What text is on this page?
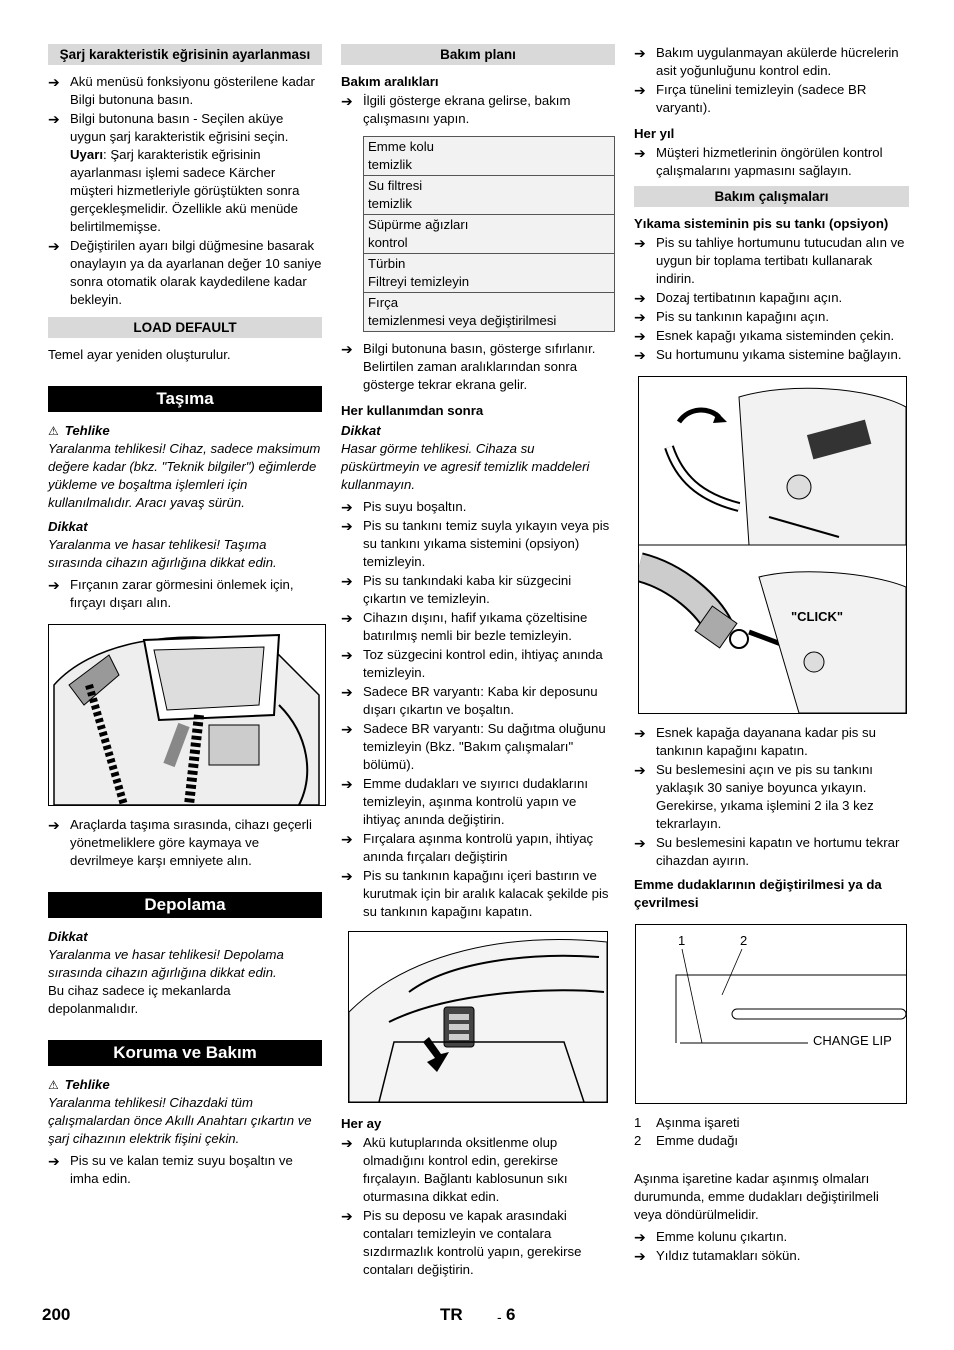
Şarj karakteristik eğrisinin ayarlanması
➔ Akü menüsü fonksiyonu gösterilene kadar Bilgi butonuna basın.
➔ Bilgi butonuna basın - Seçilen aküye uygun şarj karakteristik eğrisini seçin.
Uyarı: Şarj karakteristik eğrisinin ayarlanması işlemi sadece Kärcher müşteri hizmetleriyle görüştükten sonra gerçekleşmelidir. Özellikle akü menüde belirtilmemişse.
➔ Değiştirilen ayarı bilgi düğmesine basarak onaylayın ya da ayarlanan değer 10 saniye sonra otomatik olarak kaydedilene kadar bekleyin.
LOAD DEFAULT
Temel ayar yeniden oluşturulur.
Taşıma
⚠ Tehlike
Yaralanma tehlikesi! Cihaz, sadece maksimum değere kadar (bkz. "Teknik bilgiler") eğimlerde yükleme ve boşaltma işlemleri için kullanılmalıdır. Aracı yavaş sürün.
Dikkat
Yaralanma ve hasar tehlikesi! Taşıma sırasında cihazın ağırlığına dikkat edin.
➔ Fırçanın zarar görmesini önlemek için, fırçayı dışarı alın.
➔ Araçlarda taşıma sırasında, cihazı geçerli yönetmeliklere göre kaymaya ve devrilmeye karşı emniyete alın.
Depolama
Dikkat
Yaralanma ve hasar tehlikesi! Depolama sırasında cihazın ağırlığına dikkat edin.
Bu cihaz sadece iç mekanlarda depolanmalıdır.
Koruma ve Bakım
⚠ Tehlike
Yaralanma tehlikesi! Cihazdaki tüm çalışmalardan önce Akıllı Anahtarı çıkartın ve şarj cihazının elektrik fişini çekin.
➔ Pis su ve kalan temiz suyu boşaltın ve imha edin.
Bakım planı
Bakım aralıkları
➔ İlgili gösterge ekrana gelirse, bakım çalışmasını yapın.
Emme kolu
temizlik
Su filtresi
temizlik
Süpürme ağızları
kontrol
Türbin
Filtreyi temizleyin
Fırça
temizlenmesi veya değiştirilmesi
➔ Bilgi butonuna basın, gösterge sıfırlanır. Belirtilen zaman aralıklarından sonra gösterge tekrar ekrana gelir.
Her kullanımdan sonra
Dikkat
Hasar görme tehlikesi. Cihaza su püskürtmeyin ve agresif temizlik maddeleri kullanmayın.
➔ Pis suyu boşaltın.
➔ Pis su tankını temiz suyla yıkayın veya pis su tankını yıkama sistemini (opsiyon) temizleyin.
➔ Pis su tankındaki kaba kir süzgecini çıkartın ve temizleyin.
➔ Cihazın dışını, hafif yıkama çözeltisine batırılmış nemli bir bezle temizleyin.
➔ Toz süzgecini kontrol edin, ihtiyaç anında temizleyin.
➔ Sadece BR varyantı: Kaba kir deposunu dışarı çıkartın ve boşaltın.
➔ Sadece BR varyantı: Su dağıtma oluğunu temizleyin (Bkz. "Bakım çalışmaları" bölümü).
➔ Emme dudakları ve sıyırıcı dudaklarını temizleyin, aşınma kontrolü yapın ve ihtiyaç anında değiştirin.
➔ Fırçalara aşınma kontrolü yapın, ihtiyaç anında fırçaları değiştirin
➔ Pis su tankının kapağını içeri bastırın ve kurutmak için bir aralık kalacak şekilde pis su tankının kapağını kapatın.
Her ay
➔ Akü kutuplarında oksitlenme olup olmadığını kontrol edin, gerekirse fırçalayın. Bağlantı kablosunun sıkı oturmasına dikkat edin.
➔ Pis su deposu ve kapak arasındaki contaları temizleyin ve contalara sızdırmazlık kontrolü yapın, gerekirse contaları değiştirin.
➔ Bakım uygulanmayan akülerde hücrelerin asit yoğunluğunu kontrol edin.
➔ Fırça tünelini temizleyin (sadece BR varyantı).
Her yıl
➔ Müşteri hizmetlerinin öngörülen kontrol çalışmalarını yapmasını sağlayın.
Bakım çalışmaları
Yıkama sisteminin pis su tankı (opsiyon)
➔ Pis su tahliye hortumunu tutucudan alın ve uygun bir toplama tertibatı kullanarak indirin.
➔ Dozaj tertibatının kapağını açın.
➔ Pis su tankının kapağını açın.
➔ Esnek kapağı yıkama sisteminden çekin.
➔ Su hortumunu yıkama sistemine bağlayın.
"CLICK"
➔ Esnek kapağa dayanana kadar pis su tankının kapağını kapatın.
➔ Su beslemesini açın ve pis su tankını yaklaşık 30 saniye boyunca yıkayın. Gerekirse, yıkama işlemini 2 ila 3 kez tekrarlayın.
➔ Su beslemesini kapatın ve hortumu tekrar cihazdan ayırın.
Emme dudaklarının değiştirilmesi ya da çevrilmesi
1	2
CHANGE LIP
1 Aşınma işareti
2 Emme dudağı
Aşınma işaretine kadar aşınmış olmaları durumunda, emme dudakları değiştirilmeli veya döndürülmelidir.
➔ Emme kolunu çıkartın.
➔ Yıldız tutamakları sökün.
200	TR - 6
